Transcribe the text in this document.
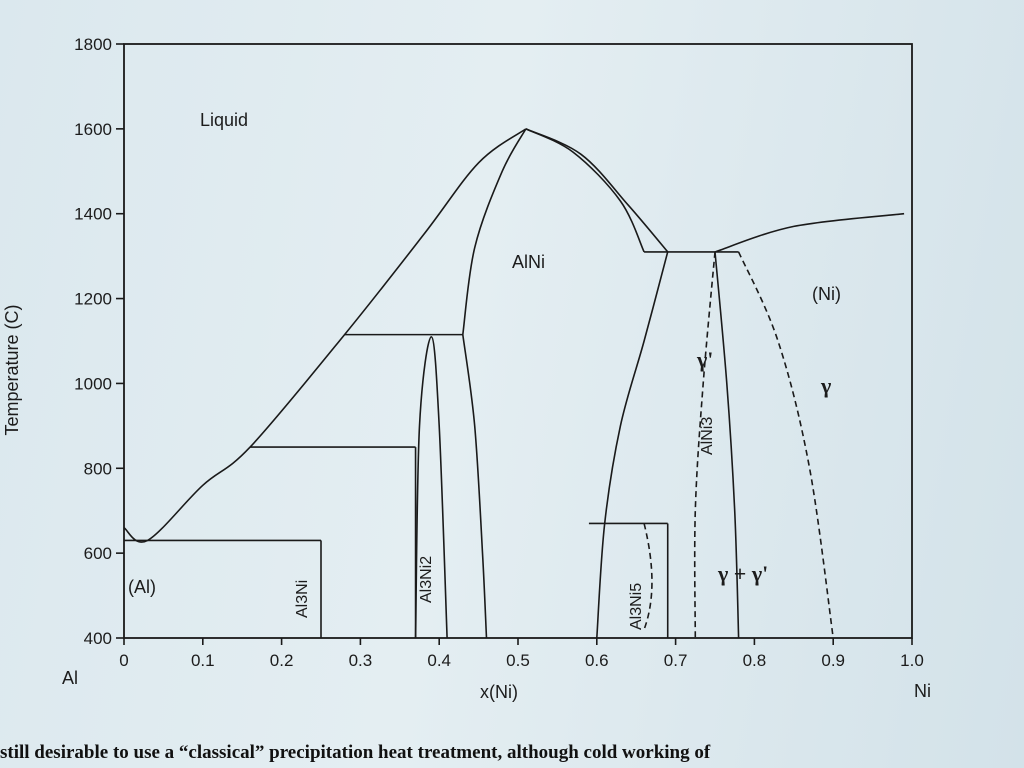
400
600
800
1000
1200
1400
1600
1800
0	0.1	0.2	0.3	0.4	0.5	0.6	0.7	0.8	0.9	1.0
Liquid
(Al)
AlNi
(Ni)
γ
γ'
γ + γ'
Al3Ni	Al3Ni2
Al3Ni5
AlNi3
Temperature (C)
x(Ni)
Al
Ni
still desirable to use a “classical” precipitation heat treatment, although cold working of
